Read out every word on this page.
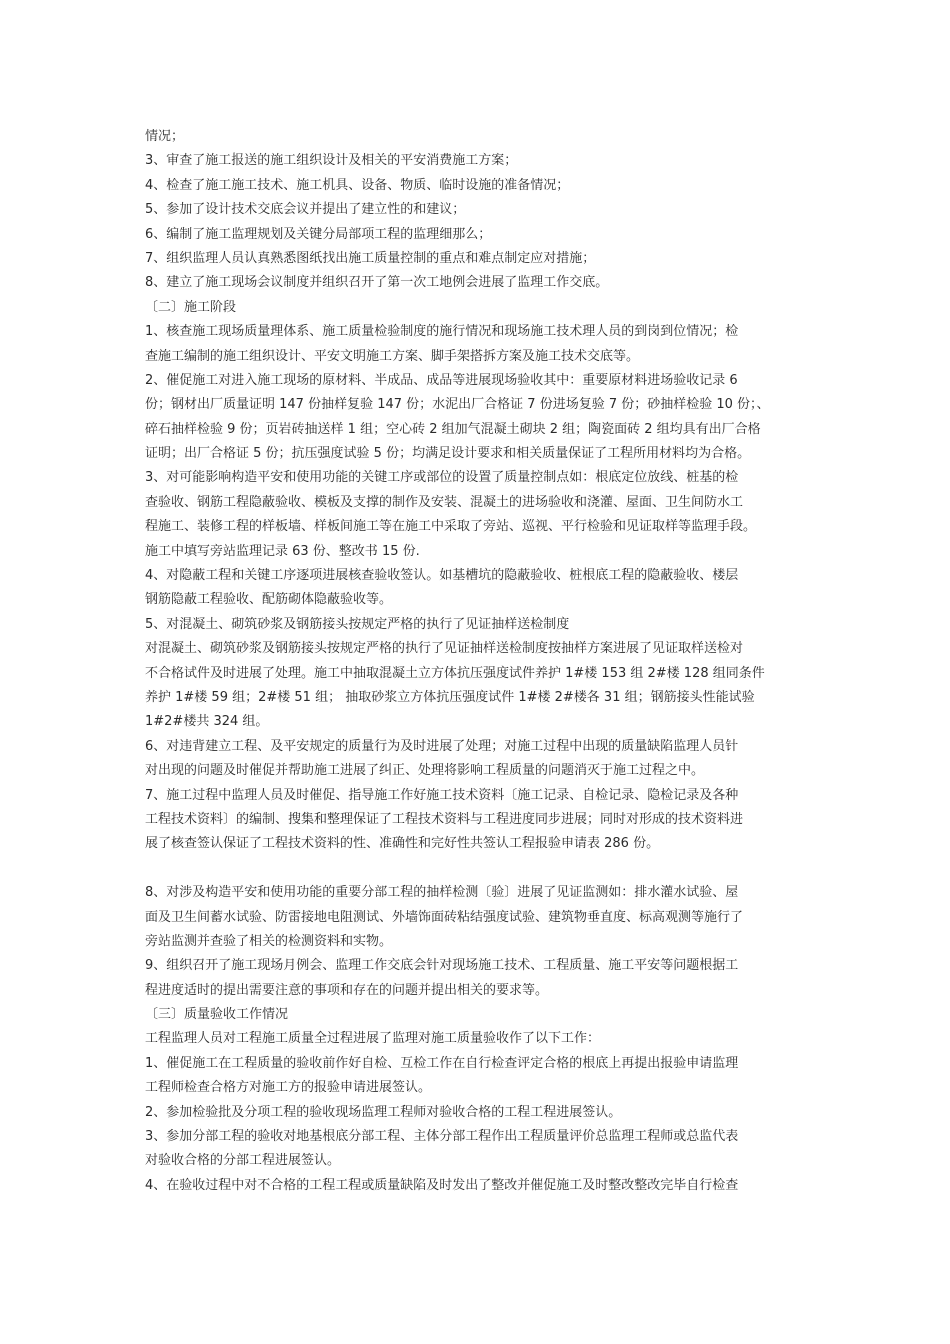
情况；
3、审查了施工报送的施工组织设计及相关的平安消费施工方案；
4、检查了施工施工技术、施工机具、设备、物质、临时设施的准备情况；
5、参加了设计技术交底会议并提出了建立性的和建议；
6、编制了施工监理规划及关键分局部项工程的监理细那么；
7、组织监理人员认真熟悉图纸找出施工质量控制的重点和难点制定应对措施；
8、建立了施工现场会议制度并组织召开了第一次工地例会进展了监理工作交底。
〔二〕施工阶段
1、核查施工现场质量理体系、施工质量检验制度的施行情况和现场施工技术理人员的到岗到位情况；检
查施工编制的施工组织设计、平安文明施工方案、脚手架搭拆方案及施工技术交底等。
2、催促施工对进入施工现场的原材料、半成品、成品等进展现场验收其中：重要原材料进场验收记录 6
份；钢材出厂质量证明 147 份抽样复验 147 份；水泥出厂合格证 7 份进场复验 7 份；砂抽样检验 10 份；、
碎石抽样检验 9 份；页岩砖抽送样 1 组；空心砖 2 组加气混凝土砌块 2 组；陶瓷面砖 2 组均具有出厂合格
证明；出厂合格证 5 份；抗压强度试验 5 份；均满足设计要求和相关质量保证了工程所用材料均为合格。
3、对可能影响构造平安和使用功能的关键工序或部位的设置了质量控制点如：根底定位放线、桩基的检
查验收、钢筋工程隐蔽验收、模板及支撑的制作及安装、混凝土的进场验收和浇灌、屋面、卫生间防水工
程施工、装修工程的样板墙、样板间施工等在施工中采取了旁站、巡视、平行检验和见证取样等监理手段。
施工中填写旁站监理记录 63 份、整改书 15 份.
4、对隐蔽工程和关键工序逐项进展核查验收签认。如基槽坑的隐蔽验收、桩根底工程的隐蔽验收、楼层
钢筋隐蔽工程验收、配筋砌体隐蔽验收等。
5、对混凝土、砌筑砂浆及钢筋接头按规定严格的执行了见证抽样送检制度
对混凝土、砌筑砂浆及钢筋接头按规定严格的执行了见证抽样送检制度按抽样方案进展了见证取样送检对
不合格试件及时进展了处理。施工中抽取混凝土立方体抗压强度试件养护 1#楼 153 组 2#楼 128 组同条件
养护 1#楼 59 组；2#楼 51 组； 抽取砂浆立方体抗压强度试件 1#楼 2#楼各 31 组；钢筋接头性能试验
1#2#楼共 324 组。
6、对违背建立工程、及平安规定的质量行为及时进展了处理；对施工过程中出现的质量缺陷监理人员针
对出现的问题及时催促并帮助施工进展了纠正、处理将影响工程质量的问题消灭于施工过程之中。
7、施工过程中监理人员及时催促、指导施工作好施工技术资料〔施工记录、自检记录、隐检记录及各种
工程技术资料〕的编制、搜集和整理保证了工程技术资料与工程进度同步进展；同时对形成的技术资料进
展了核查签认保证了工程技术资料的性、准确性和完好性共签认工程报验申请表 286 份。
8、对涉及构造平安和使用功能的重要分部工程的抽样检测〔验〕进展了见证监测如：排水灌水试验、屋
面及卫生间蓄水试验、防雷接地电阻测试、外墙饰面砖粘结强度试验、建筑物垂直度、标高观测等施行了
旁站监测并查验了相关的检测资料和实物。
9、组织召开了施工现场月例会、监理工作交底会针对现场施工技术、工程质量、施工平安等问题根据工
程进度适时的提出需要注意的事项和存在的问题并提出相关的要求等。
〔三〕质量验收工作情况
工程监理人员对工程施工质量全过程进展了监理对施工质量验收作了以下工作：
1、催促施工在工程质量的验收前作好自检、互检工作在自行检查评定合格的根底上再提出报验申请监理
工程师检查合格方对施工方的报验申请进展签认。
2、参加检验批及分项工程的验收现场监理工程师对验收合格的工程工程进展签认。
3、参加分部工程的验收对地基根底分部工程、主体分部工程作出工程质量评价总监理工程师或总监代表
对验收合格的分部工程进展签认。
4、在验收过程中对不合格的工程工程或质量缺陷及时发出了整改并催促施工及时整改整改完毕自行检查
